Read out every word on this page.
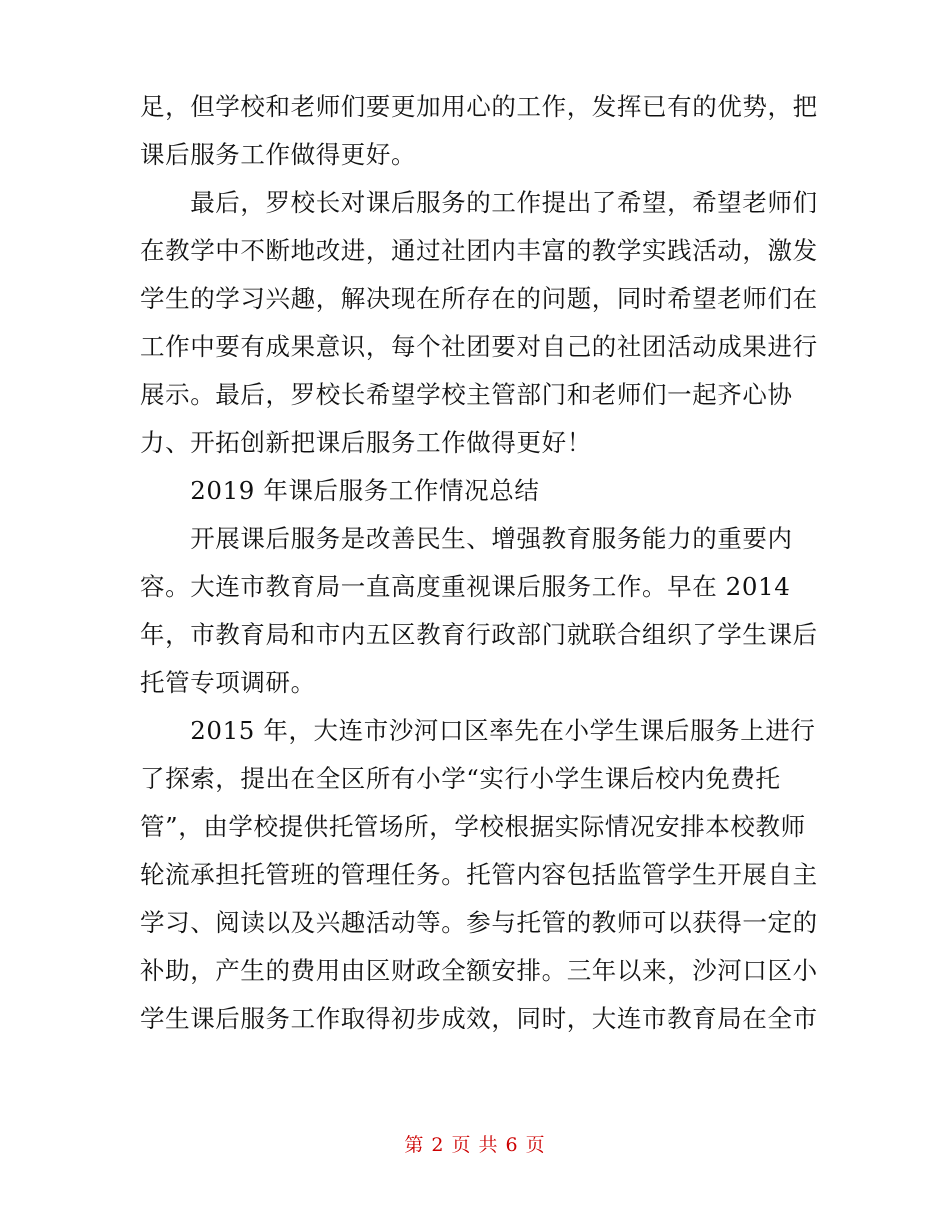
足，但学校和老师们要更加用心的工作，发挥已有的优势，把
课后服务工作做得更好。
　　最后，罗校长对课后服务的工作提出了希望，希望老师们
在教学中不断地改进，通过社团内丰富的教学实践活动，激发
学生的学习兴趣，解决现在所存在的问题，同时希望老师们在
工作中要有成果意识，每个社团要对自己的社团活动成果进行
展示。最后，罗校长希望学校主管部门和老师们一起齐心协
力、开拓创新把课后服务工作做得更好！
　　2019 年课后服务工作情况总结
　　开展课后服务是改善民生、增强教育服务能力的重要内
容。大连市教育局一直高度重视课后服务工作。早在 2014
年，市教育局和市内五区教育行政部门就联合组织了学生课后
托管专项调研。
　　2015 年，大连市沙河口区率先在小学生课后服务上进行
了探索，提出在全区所有小学“实行小学生课后校内免费托
管”，由学校提供托管场所，学校根据实际情况安排本校教师
轮流承担托管班的管理任务。托管内容包括监管学生开展自主
学习、阅读以及兴趣活动等。参与托管的教师可以获得一定的
补助，产生的费用由区财政全额安排。三年以来，沙河口区小
学生课后服务工作取得初步成效，同时，大连市教育局在全市
第 2 页 共 6 页
